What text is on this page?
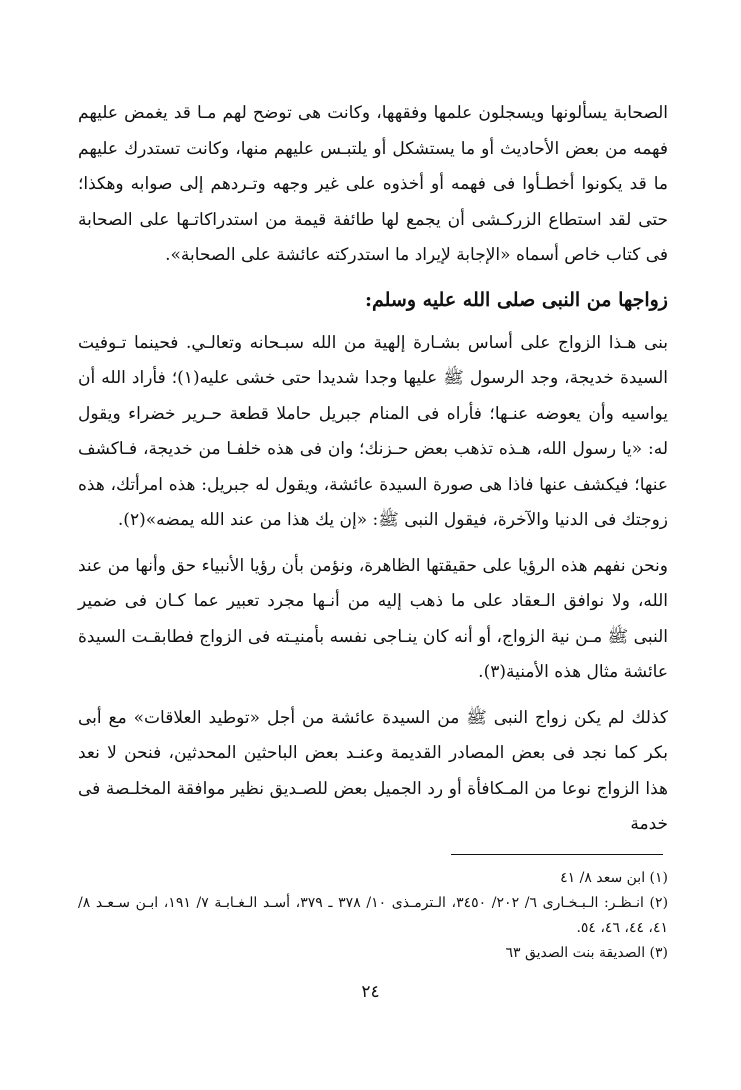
الصحابة يسألونها ويسجلون علمها وفقهها، وكانت هى توضح لهم مـا قد يغمض عليهم فهمه من بعض الأحاديث أو ما يستشكل أو يلتبـس عليهم منها، وكانت تستدرك عليهم ما قد يكونوا أخطـأوا فى فهمه أو أخذوه على غير وجهه وتـردهم إلى صوابه وهكذا؛ حتى لقد استطاع الزركـشى أن يجمع لها طائفة قيمة من استدراكاتـها على الصحابة فى كتاب خاص أسماه «الإجابة لإيراد ما استدركته عائشة على الصحابة».

زواجها من النبى صلى الله عليه وسلم:

بنى هـذا الزواج على أساس بشـارة إلهية من الله سبـحانه وتعالـي. فحينما تـوفيت السيدة خديجة، وجد الرسول ﷺ عليها وجدا شديدا حتى خشى عليه(١)؛ فأراد الله أن يواسيه وأن يعوضه عنـها؛ فأراه فى المنام جبريل حاملا قطعة حـرير خضراء ويقول له: «يا رسول الله، هـذه تذهب بعض حـزنك؛ وان فى هذه خلفـا من خديجة، فـاكشف عنها؛ فيكشف عنها فاذا هى صورة السيدة عائشة، ويقول له جبريل: هذه امرأتك، هذه زوجتك فى الدنيا والآخرة، فيقول النبى ﷺ: «إن يك هذا من عند الله يمضه»(٢).

ونحن نفهم هذه الرؤيا على حقيقتها الظاهرة، ونؤمن بأن رؤيا الأنبياء حق وأنها من عند الله، ولا نوافق الـعقاد على ما ذهب إليه من أنـها مجرد تعبير عما كـان فى ضمير النبى ﷺ مـن نية الزواج، أو أنه كان ينـاجى نفسه بأمنيـته فى الزواج فطابقـت السيدة عائشة مثال هذه الأمنية(٣).

كذلك لم يكن زواج النبى ﷺ من السيدة عائشة من أجل «توطيد العلاقات» مع أبى بكر كما نجد فى بعض المصادر القديمة وعنـد بعض الباحثين المحدثين، فنحن لا نعد هذا الزواج نوعا من المـكافأة أو رد الجميل بعض للصـديق نظير موافقة المخلـصة فى خدمة

(١) ابن سعد ٨/ ٤١

(٢) انـظـر: الـبـخـارى ٦/ ٢٠٢/ ٣٤٥٠، الـترمـذى ١٠/ ٣٧٨ ـ ٣٧٩، أسـد الـغـابـة ٧/ ١٩١، ابـن سـعـد ٨/ ٤١، ٤٤، ٤٦، ٥٤.

(٣) الصديقة بنت الصديق ٦٣

٢٤
